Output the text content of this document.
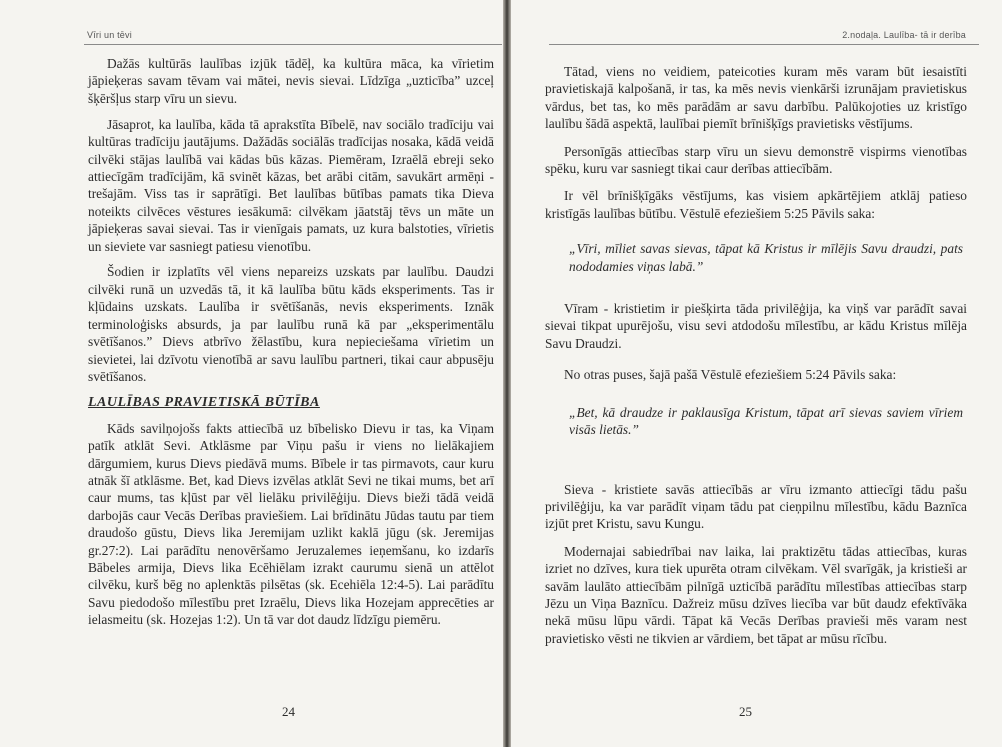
Vīri un tēvi

Dažās kultūrās laulības izjūk tādēļ, ka kultūra māca, ka vīrietim jāpieķeras savam tēvam vai mātei, nevis sievai. Līdzīga „uzticība” uzceļ šķēršļus starp vīru un sievu.

Jāsaprot, ka laulība, kāda tā aprakstīta Bībelē, nav sociālo tradīciju vai kultūras tradīciju jautājums. Dažādās sociālās tradīcijas nosaka, kādā veidā cilvēki stājas laulībā vai kādas būs kāzas. Piemēram, Izraēlā ebreji seko attiecīgām tradīcijām, kā svinēt kāzas, bet arābi citām, savukārt armēņi - trešajām. Viss tas ir saprātīgi. Bet laulības būtības pamats tika Dieva noteikts cilvēces vēstures iesākumā: cilvēkam jāatstāj tēvs un māte un jāpieķeras savai sievai. Tas ir vienīgais pamats, uz kura balstoties, vīrietis un sieviete var sasniegt patiesu vienotību.

Šodien ir izplatīts vēl viens nepareizs uzskats par laulību. Daudzi cilvēki runā un uzvedās tā, it kā laulība būtu kāds eksperiments. Tas ir kļūdains uzskats. Laulība ir svētīšanās, nevis eksperiments. Iznāk terminoloģisks absurds, ja par laulību runā kā par „eksperimentālu svētīšanos.” Dievs atbrīvo žēlastību, kura nepieciešama vīrietim un sievietei, lai dzīvotu vienotībā ar savu laulību partneri, tikai caur abpusēju svētīšanos.

LAULĪBAS PRAVIETISKĀ BŪTĪBA

Kāds savilņojošs fakts attiecībā uz bībelisko Dievu ir tas, ka Viņam patīk atklāt Sevi. Atklāsme par Viņu pašu ir viens no lielākajiem dārgumiem, kurus Dievs piedāvā mums. Bībele ir tas pirmavots, caur kuru atnāk šī atklāsme. Bet, kad Dievs izvēlas atklāt Sevi ne tikai mums, bet arī caur mums, tas kļūst par vēl lielāku privilēģiju. Dievs bieži tādā veidā darbojās caur Vecās Derības praviešiem. Lai brīdinātu Jūdas tautu par tiem draudošo gūstu, Dievs lika Jeremijam uzlikt kaklā jūgu (sk. Jeremijas gr.27:2). Lai parādītu nenovēršamo Jeruzalemes ieņemšanu, ko izdarīs Bābeles armija, Dievs lika Ecēhiēlam izrakt caurumu sienā un attēlot cilvēku, kurš bēg no aplenktās pilsētas (sk. Ecehiēla 12:4-5). Lai parādītu Savu piedodošo mīlestību pret Izraēlu, Dievs lika Hozejam apprecēties ar ielasmeitu (sk. Hozejas 1:2). Un tā var dot daudz līdzīgu piemēru.

24
2.nodaļa. Laulība- tā ir derība

Tātad, viens no veidiem, pateicoties kuram mēs varam būt iesaistīti pravietiskajā kalpošanā, ir tas, ka mēs nevis vienkārši izrunājam pravietiskus vārdus, bet tas, ko mēs parādām ar savu darbību. Palūkojoties uz kristīgo laulību šādā aspektā, laulībai piemīt brīnišķīgs pravietisks vēstījums.

Personīgās attiecības starp vīru un sievu demonstrē vispirms vienotības spēku, kuru var sasniegt tikai caur derības attiecībām.

Ir vēl brīnišķīgāks vēstījums, kas visiem apkārtējiem atklāj patieso kristīgās laulības būtību. Vēstulē efeziešiem 5:25 Pāvils saka:

„Vīri, mīliet savas sievas, tāpat kā Kristus ir mīlējis Savu draudzi, pats nododamies viņas labā.”

Vīram - kristietim ir piešķirta tāda privilēģija, ka viņš var parādīt savai sievai tikpat upurējošu, visu sevi atdodošu mīlestību, ar kādu Kristus mīlēja Savu Draudzi.

No otras puses, šajā pašā Vēstulē efeziešiem 5:24 Pāvils saka:

„Bet, kā draudze ir paklausīga Kristum, tāpat arī sievas saviem vīriem visās lietās.”

Sieva - kristiete savās attiecībās ar vīru izmanto attiecīgi tādu pašu privilēģiju, ka var parādīt viņam tādu pat cieņpilnu mīlestību, kādu Baznīca izjūt pret Kristu, savu Kungu.

Modernajai sabiedrībai nav laika, lai praktizētu tādas attiecības, kuras izriet no dzīves, kura tiek upurēta otram cilvēkam. Vēl svarīgāk, ja kristieši ar savām laulāto attiecībām pilnīgā uzticībā parādītu mīlestības attiecības starp Jēzu un Viņa Baznīcu. Dažreiz mūsu dzīves liecība var būt daudz efektīvāka nekā mūsu lūpu vārdi. Tāpat kā Vecās Derības pravieši mēs varam nest pravietisko vēsti ne tikvien ar vārdiem, bet tāpat ar mūsu rīcību.

25
